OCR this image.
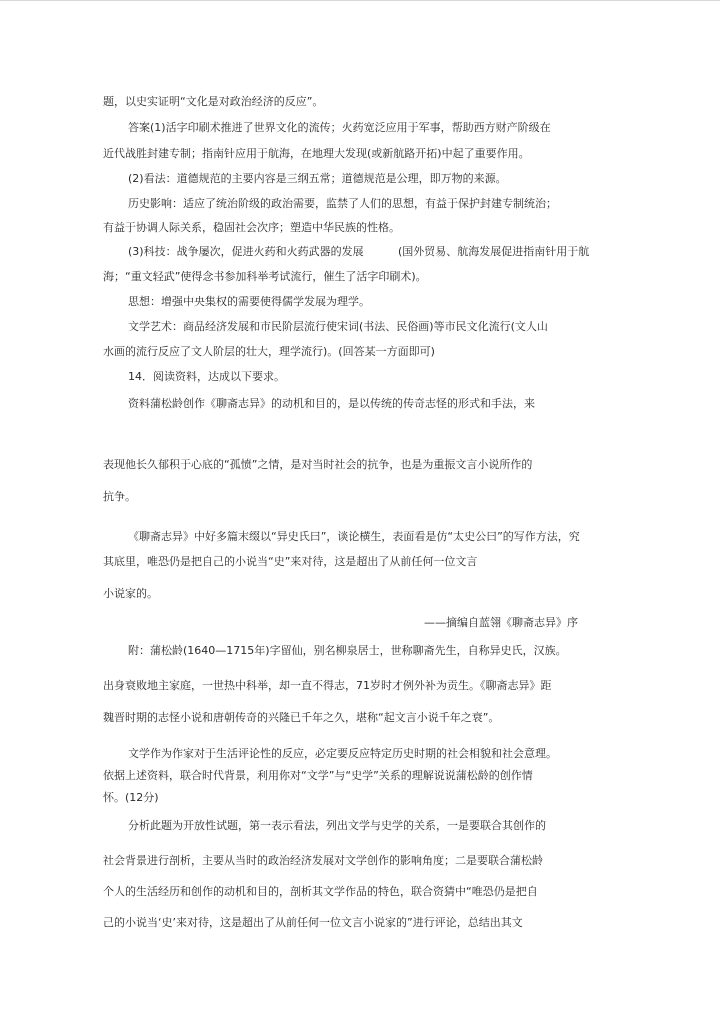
题，以史实证明“文化是对政治经济的反应”。
答案(1)活字印刷术推进了世界文化的流传；火药宽泛应用于军事，帮助西方财产阶级在
近代战胜封建专制；指南针应用于航海，在地理大发现(或新航路开拓)中起了重要作用。
(2)看法：道德规范的主要内容是三纲五常；道德规范是公理，即万物的来源。
历史影响：适应了统治阶级的政治需要，监禁了人们的思想，有益于保护封建专制统治；
有益于协调人际关系，稳固社会次序；塑造中华民族的性格。
(3)科技：战争屡次，促进火药和火药武器的发展	(国外贸易、航海发展促进指南针用于航
海；“重文轻武”使得念书参加科举考试流行，催生了活字印刷术)。
思想：增强中央集权的需要使得儒学发展为理学。
文学艺术：商品经济发展和市民阶层流行使宋词(书法、民俗画)等市民文化流行(文人山
水画的流行反应了文人阶层的壮大，理学流行)。(回答某一方面即可)
14．阅读资料，达成以下要求。
资料蒲松龄创作《聊斋志异》的动机和目的，是以传统的传奇志怪的形式和手法，来
表现他长久郁积于心底的“孤愤”之情，是对当时社会的抗争，也是为重振文言小说所作的
抗争。
《聊斋志异》中好多篇末缀以“异史氏曰”，谈论横生，表面看是仿“太史公曰”的写作方法，究
其底里，唯恐仍是把自己的小说当“史”来对待，这是超出了从前任何一位文言
小说家的。
——摘编自蓝翎《聊斋志异》序
附：蒲松龄(1640—1715年)字留仙，别名柳泉居士，世称聊斋先生，自称异史氏，汉族。
出身衰败地主家庭，一世热中科举，却一直不得志，71岁时才例外补为贡生。《聊斋志异》距
魏晋时期的志怪小说和唐朝传奇的兴隆已千年之久，堪称“起文言小说千年之衰”。
文学作为作家对于生活评论性的反应，必定要反应特定历史时期的社会相貌和社会意理。
依据上述资料，联合时代背景，利用你对“文学”与“史学”关系的理解说说蒲松龄的创作情
怀。(12分)
分析此题为开放性试题，第一表示看法，列出文学与史学的关系，一是要联合其创作的
社会背景进行剖析，主要从当时的政治经济发展对文学创作的影响角度；二是要联合蒲松龄
个人的生活经历和创作的动机和目的，剖析其文学作品的特色，联合资猜中“唯恐仍是把自
己的小说当‘史’来对待，这是超出了从前任何一位文言小说家的”进行评论，总结出其文
